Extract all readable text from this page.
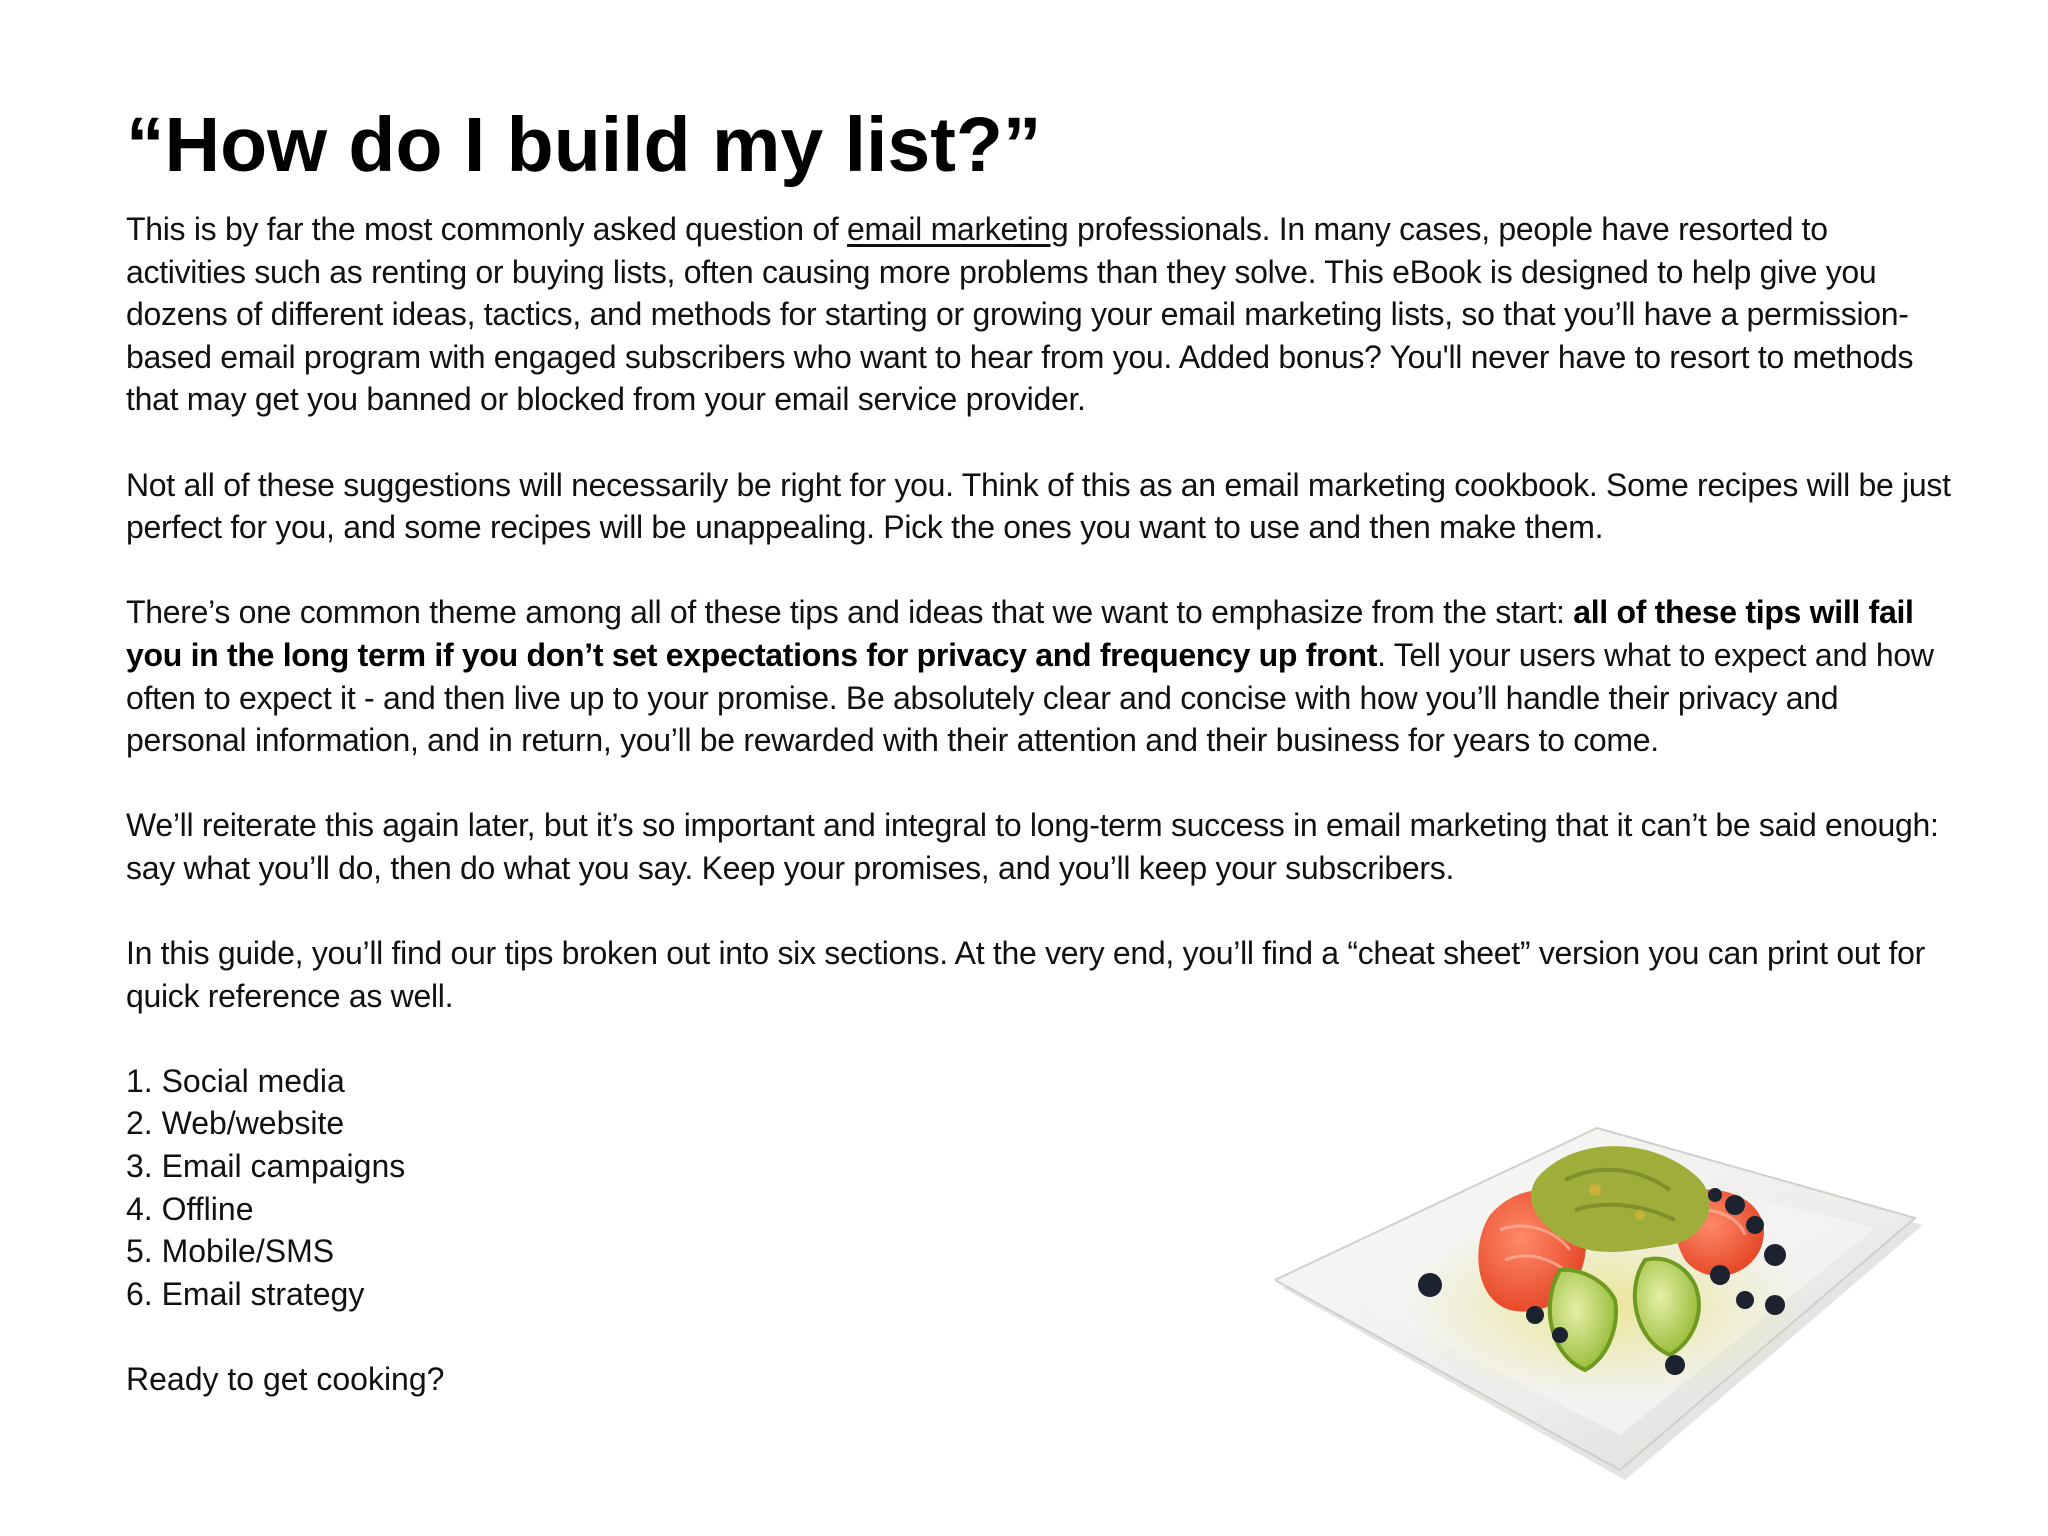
“How do I build my list?”

This is by far the most commonly asked question of email marketing professionals. In many cases, people have resorted to activities such as renting or buying lists, often causing more problems than they solve. This eBook is designed to help give you dozens of different ideas, tactics, and methods for starting or growing your email marketing lists, so that you’ll have a permission-based email program with engaged subscribers who want to hear from you. Added bonus? You'll never have to resort to methods that may get you banned or blocked from your email service provider.

Not all of these suggestions will necessarily be right for you. Think of this as an email marketing cookbook. Some recipes will be just perfect for you, and some recipes will be unappealing. Pick the ones you want to use and then make them.

There’s one common theme among all of these tips and ideas that we want to emphasize from the start: all of these tips will fail you in the long term if you don’t set expectations for privacy and frequency up front. Tell your users what to expect and how often to expect it - and then live up to your promise. Be absolutely clear and concise with how you’ll handle their privacy and personal information, and in return, you’ll be rewarded with their attention and their business for years to come.

We’ll reiterate this again later, but it’s so important and integral to long-term success in email marketing that it can’t be said enough: say what you’ll do, then do what you say. Keep your promises, and you’ll keep your subscribers.

In this guide, you’ll find our tips broken out into six sections. At the very end, you’ll find a “cheat sheet” version you can print out for quick reference as well.

1. Social media
2. Web/website
3. Email campaigns
4. Offline
5. Mobile/SMS
6. Email strategy

Ready to get cooking?
